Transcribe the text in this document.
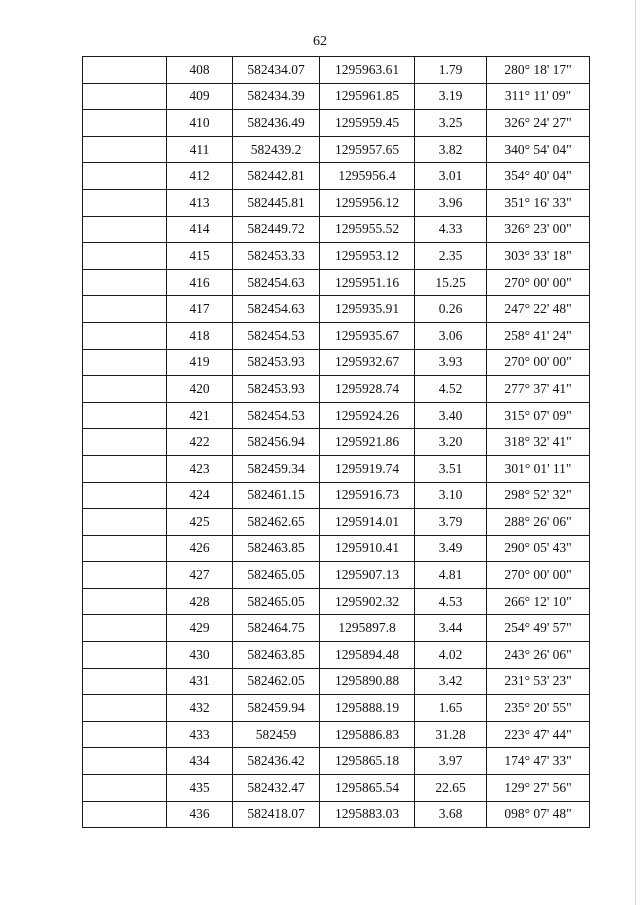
62
	408	582434.07	1295963.61	1.79	280° 18' 17"
	409	582434.39	1295961.85	3.19	311° 11' 09"
	410	582436.49	1295959.45	3.25	326° 24' 27"
	411	582439.2	1295957.65	3.82	340° 54' 04"
	412	582442.81	1295956.4	3.01	354° 40' 04"
	413	582445.81	1295956.12	3.96	351° 16' 33"
	414	582449.72	1295955.52	4.33	326° 23' 00"
	415	582453.33	1295953.12	2.35	303° 33' 18"
	416	582454.63	1295951.16	15.25	270° 00' 00"
	417	582454.63	1295935.91	0.26	247° 22' 48"
	418	582454.53	1295935.67	3.06	258° 41' 24"
	419	582453.93	1295932.67	3.93	270° 00' 00"
	420	582453.93	1295928.74	4.52	277° 37' 41"
	421	582454.53	1295924.26	3.40	315° 07' 09"
	422	582456.94	1295921.86	3.20	318° 32' 41"
	423	582459.34	1295919.74	3.51	301° 01' 11"
	424	582461.15	1295916.73	3.10	298° 52' 32"
	425	582462.65	1295914.01	3.79	288° 26' 06"
	426	582463.85	1295910.41	3.49	290° 05' 43"
	427	582465.05	1295907.13	4.81	270° 00' 00"
	428	582465.05	1295902.32	4.53	266° 12' 10"
	429	582464.75	1295897.8	3.44	254° 49' 57"
	430	582463.85	1295894.48	4.02	243° 26' 06"
	431	582462.05	1295890.88	3.42	231° 53' 23"
	432	582459.94	1295888.19	1.65	235° 20' 55"
	433	582459	1295886.83	31.28	223° 47' 44"
	434	582436.42	1295865.18	3.97	174° 47' 33"
	435	582432.47	1295865.54	22.65	129° 27' 56"
	436	582418.07	1295883.03	3.68	098° 07' 48"
